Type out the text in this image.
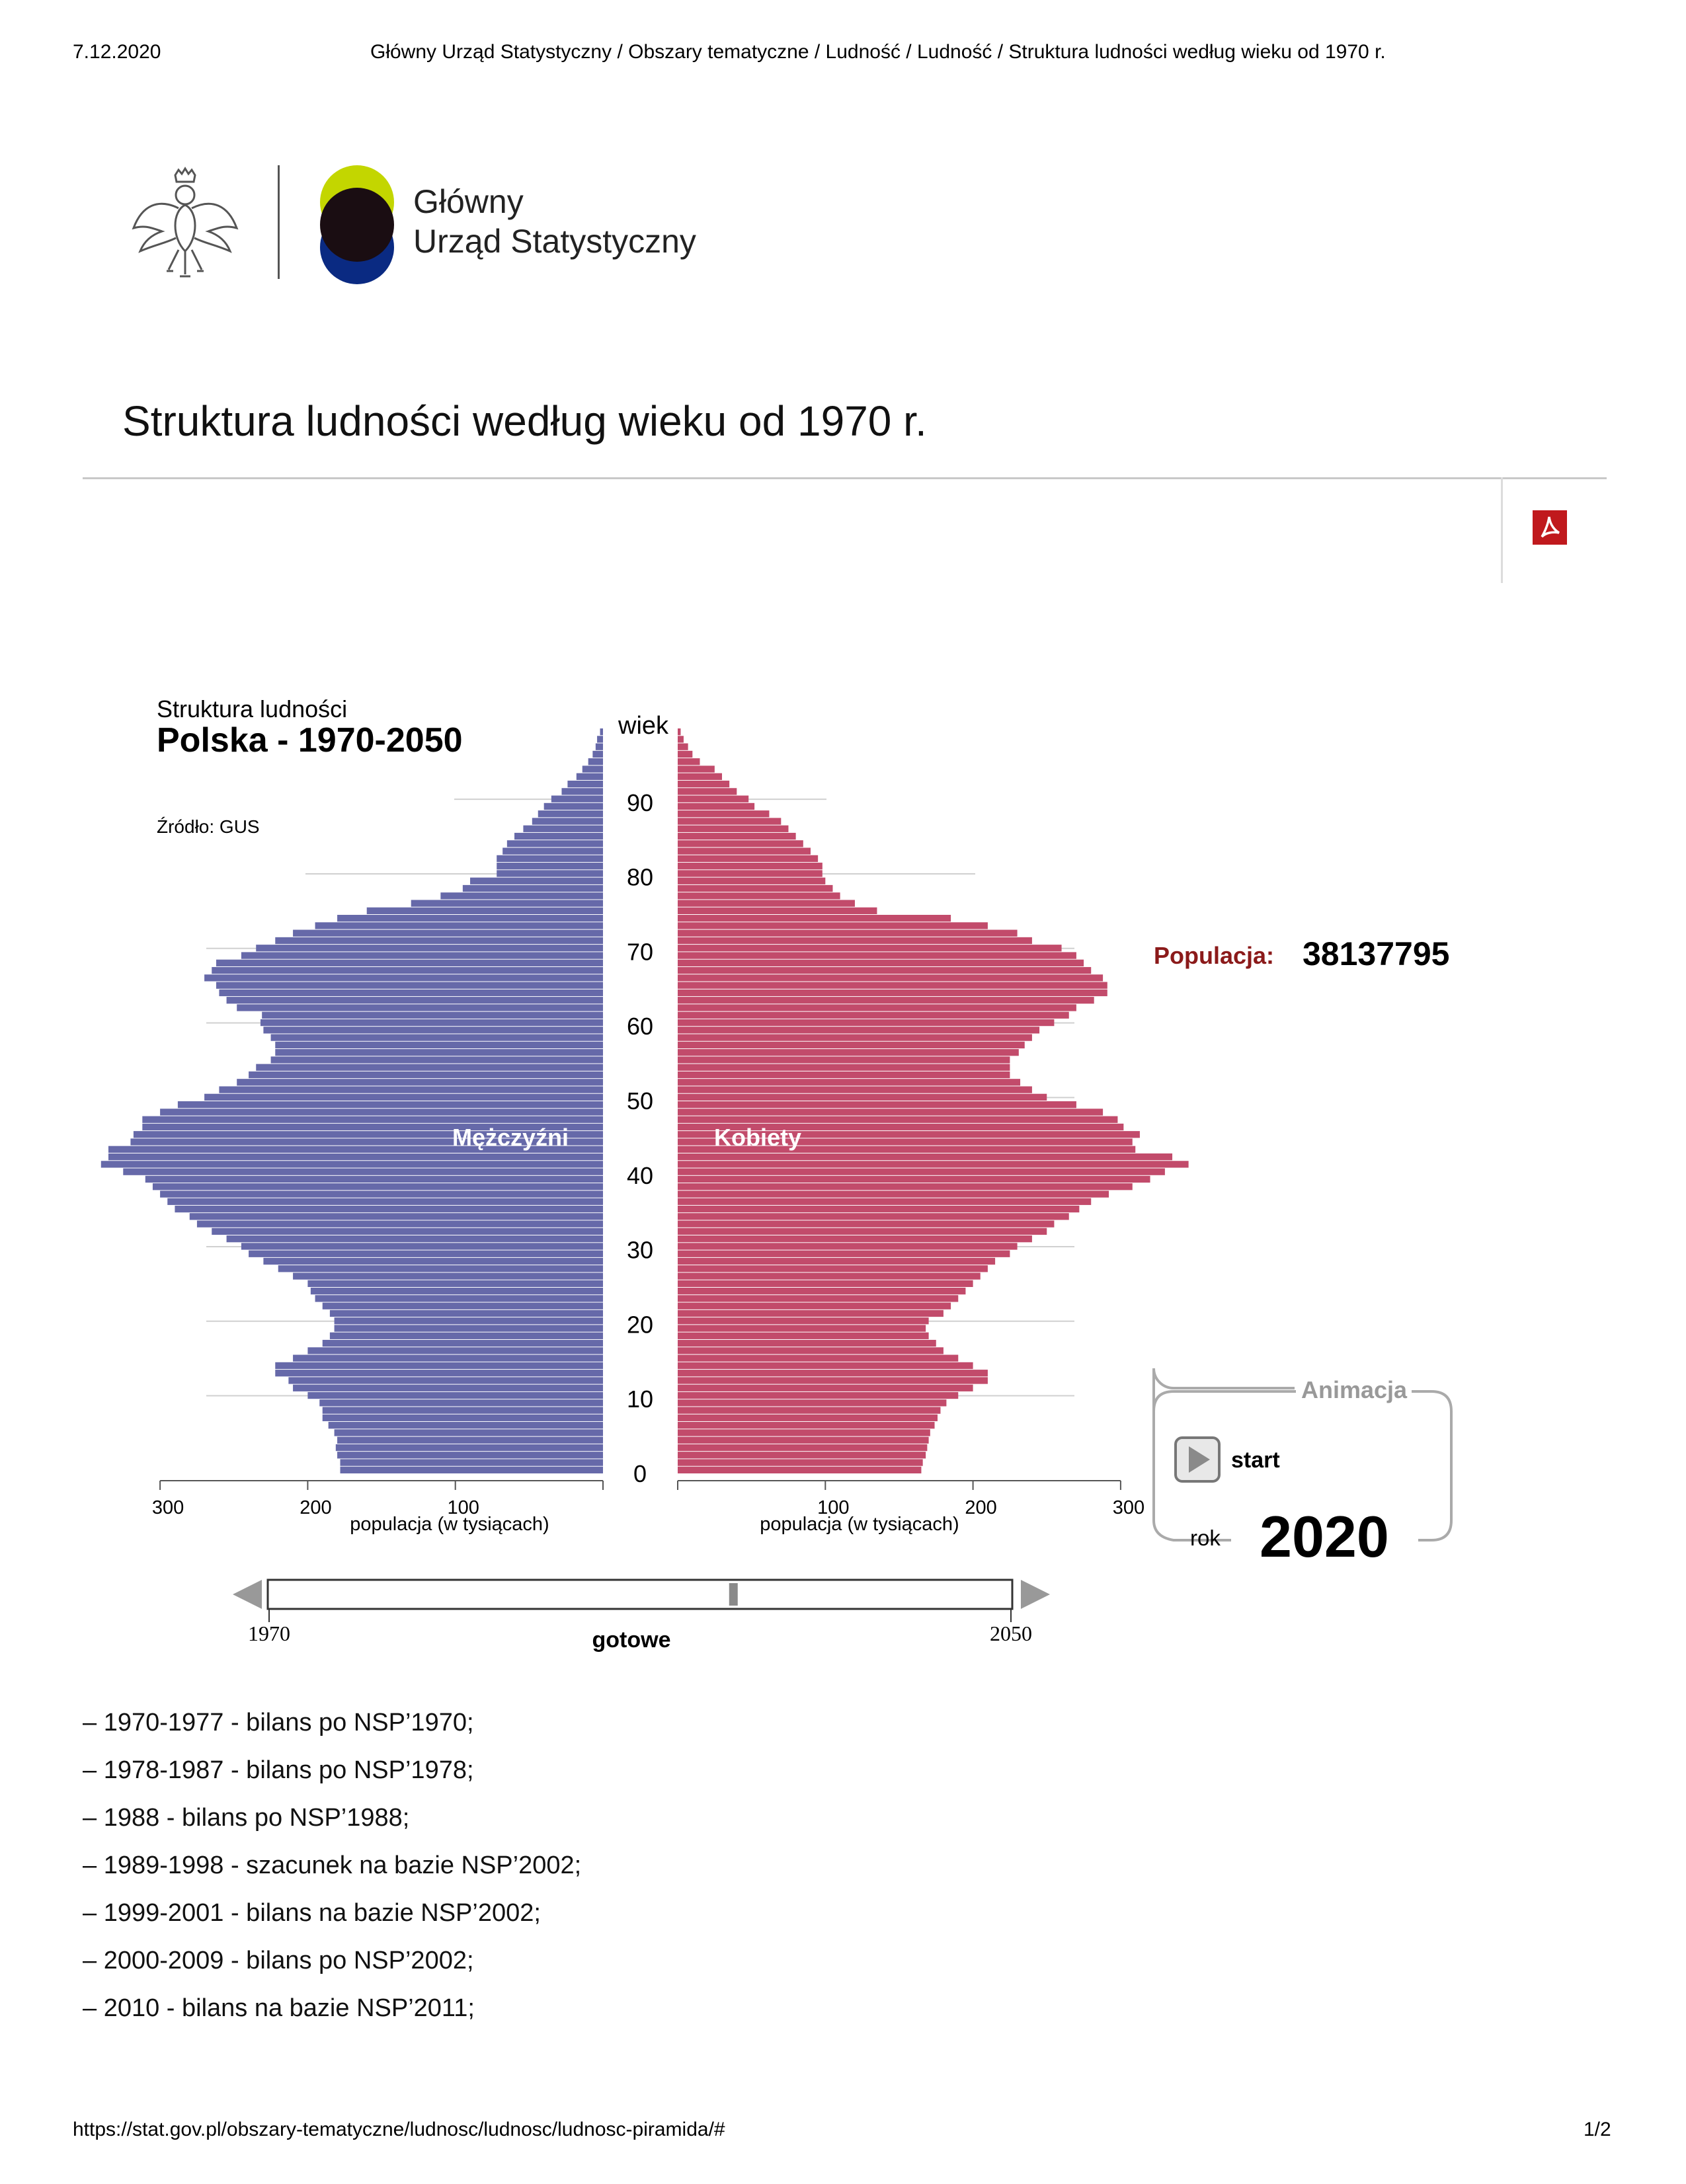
7.12.2020	Główny Urząd Statystyczny / Obszary tematyczne / Ludność / Ludność / Struktura ludności według wieku od 1970 r.
Główny
Urząd Statystyczny
Struktura ludności według wieku od 1970 r.
Struktura ludności
Polska - 1970-2050
Źródło: GUS
0
10
20
30
40
50
60
70
80
90
300	200	100	100	200	300
wiek
Mężczyźni	Kobiety
populacja (w tysiącach)	populacja (w tysiącach)
Populacja: 38137795
Animacja
start
rok 2020
1970	2050
gotowe
– 1970-1977 - bilans po NSP’1970;
– 1978-1987 - bilans po NSP’1978;
– 1988 - bilans po NSP’1988;
– 1989-1998 - szacunek na bazie NSP’2002;
– 1999-2001 - bilans na bazie NSP’2002;
– 2000-2009 - bilans po NSP’2002;
– 2010 - bilans na bazie NSP’2011;
https://stat.gov.pl/obszary-tematyczne/ludnosc/ludnosc/ludnosc-piramida/#	1/2
